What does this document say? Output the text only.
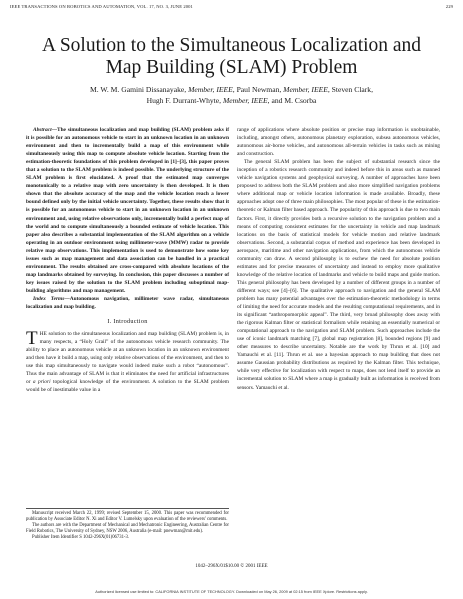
IEEE TRANSACTIONS ON ROBOTICS AND AUTOMATION, VOL. 17, NO. 3, JUNE 2001	229
A Solution to the Simultaneous Localization and
Map Building (SLAM) Problem
M. W. M. Gamini Dissanayake, Member, IEEE, Paul Newman, Member, IEEE, Steven Clark,
Hugh F. Durrant-Whyte, Member, IEEE, and M. Csorba

Abstract—The simultaneous localization and map building (SLAM) problem asks if it is possible for an autonomous vehicle to start in an unknown location in an unknown environment and then to incrementally build a map of this environment while simultaneously using this map to compute absolute vehicle location. Starting from the estimation-theoretic foundations of this problem developed in [1]–[3], this paper proves that a solution to the SLAM problem is indeed possible. The underlying structure of the SLAM problem is first elucidated. A proof that the estimated map converges monotonically to a relative map with zero uncertainty is then developed. It is then shown that the absolute accuracy of the map and the vehicle location reach a lower bound defined only by the initial vehicle uncertainty. Together, these results show that it is possible for an autonomous vehicle to start in an unknown location in an unknown environment and, using relative observations only, incrementally build a perfect map of the world and to compute simultaneously a bounded estimate of vehicle location. This paper also describes a substantial implementation of the SLAM algorithm on a vehicle operating in an outdoor environment using millimeter-wave (MMW) radar to provide relative map observations. This implementation is used to demonstrate how some key issues such as map management and data association can be handled in a practical environment. The results obtained are cross-compared with absolute locations of the map landmarks obtained by surveying. In conclusion, this paper discusses a number of key issues raised by the solution to the SLAM problem including suboptimal map-building algorithms and map management.

Index Terms—Autonomous navigation, millimeter wave radar, simultaneous localization and map building.

I. Introduction

THE solution to the simultaneous localization and map building (SLAM) problem is, in many respects, a “Holy Grail” of the autonomous vehicle research community. The ability to place an autonomous vehicle at an unknown location in an unknown environment and then have it build a map, using only relative observations of the environment, and then to use this map simultaneously to navigate would indeed make such a robot “autonomous”. Thus the main advantage of SLAM is that it eliminates the need for artificial infrastructures or a priori topological knowledge of the environment. A solution to the SLAM problem would be of inestimable value in a

Manuscript received March 22, 1999; revised September 15, 2000. This paper was recommended for publication by Associate Editor N. Xi and Editor V. Lumelsky upon evaluation of the reviewers' comments.

The authors are with the Department of Mechanical and Mechatronic Engineering, Australian Centre for Field Robotics, The University of Sydney, NSW 2006, Australia (e-mail: pnewman@mit.edu).

Publisher Item Identifier S 1042-296X(01)06731-3.

range of applications where absolute position or precise map information is unobtainable, including, amongst others, autonomous planetary exploration, subsea autonomous vehicles, autonomous air-borne vehicles, and autonomous all-terrain vehicles in tasks such as mining and construction.

The general SLAM problem has been the subject of substantial research since the inception of a robotics research community and indeed before this in areas such as manned vehicle navigation systems and geophysical surveying. A number of approaches have been proposed to address both the SLAM problem and also more simplified navigation problems where additional map or vehicle location information is made available. Broadly, these approaches adopt one of three main philosophies. The most popular of these is the estimation-theoretic or Kalman filter based approach. The popularity of this approach is due to two main factors. First, it directly provides both a recursive solution to the navigation problem and a means of computing consistent estimates for the uncertainty in vehicle and map landmark locations on the basis of statistical models for vehicle motion and relative landmark observations. Second, a substantial corpus of method and experience has been developed in aerospace, maritime and other navigation applications, from which the autonomous vehicle community can draw. A second philosophy is to eschew the need for absolute position estimates and for precise measures of uncertainty and instead to employ more qualitative knowledge of the relative location of landmarks and vehicle to build maps and guide motion. This general philosophy has been developed by a number of different groups in a number of different ways; see [4]–[6]. The qualitative approach to navigation and the general SLAM problem has many potential advantages over the estimation-theoretic methodology in terms of limiting the need for accurate models and the resulting computational requirements, and in its significant “anthropomorphic appeal”. The third, very broad philosophy does away with the rigorous Kalman filter or statistical formalism while retaining an essentially numerical or computational approach to the navigation and SLAM problem. Such approaches include the use of iconic landmark matching [7], global map registration [8], bounded regions [9] and other measures to describe uncertainty. Notable are the work by Thrun et al. [10] and Yamauchi et al. [11]. Thrun et al. use a bayesian approach to map building that does not assume Gaussian probability distributions as required by the Kalman filter. This technique, while very effective for localization with respect to maps, does not lend itself to provide an incremental solution to SLAM where a map is gradually built as information is received from sensors. Yamauchi et al.

1042–296X/01$10.00 © 2001 IEEE
Authorized licensed use limited to: CALIFORNIA INSTITUTE OF TECHNOLOGY. Downloaded on May 26, 2009 at 02:15 from IEEE Xplore. Restrictions apply.
